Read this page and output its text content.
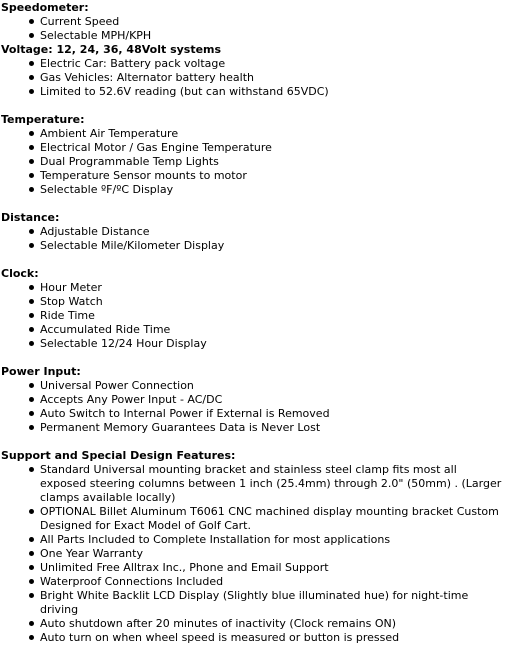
Speedometer:
Current Speed
Selectable MPH/KPH
Voltage: 12, 24, 36, 48Volt systems
Electric Car: Battery pack voltage
Gas Vehicles: Alternator battery health
Limited to 52.6V reading (but can withstand 65VDC)
Temperature:
Ambient Air Temperature
Electrical Motor / Gas Engine Temperature
Dual Programmable Temp Lights
Temperature Sensor mounts to motor
Selectable ºF/ºC Display
Distance:
Adjustable Distance
Selectable Mile/Kilometer Display
Clock:
Hour Meter
Stop Watch
Ride Time
Accumulated Ride Time
Selectable 12/24 Hour Display
Power Input:
Universal Power Connection
Accepts Any Power Input - AC/DC
Auto Switch to Internal Power if External is Removed
Permanent Memory Guarantees Data is Never Lost
Support and Special Design Features:
Standard Universal mounting bracket and stainless steel clamp fits most all exposed steering columns between 1 inch (25.4mm) through 2.0" (50mm) . (Larger clamps available locally)
OPTIONAL Billet Aluminum T6061 CNC machined display mounting bracket Custom Designed for Exact Model of Golf Cart.
All Parts Included to Complete Installation for most applications
One Year Warranty
Unlimited Free Alltrax Inc., Phone and Email Support
Waterproof Connections Included
Bright White Backlit LCD Display (Slightly blue illuminated hue) for night-time driving
Auto shutdown after 20 minutes of inactivity (Clock remains ON)
Auto turn on when wheel speed is measured or button is pressed
